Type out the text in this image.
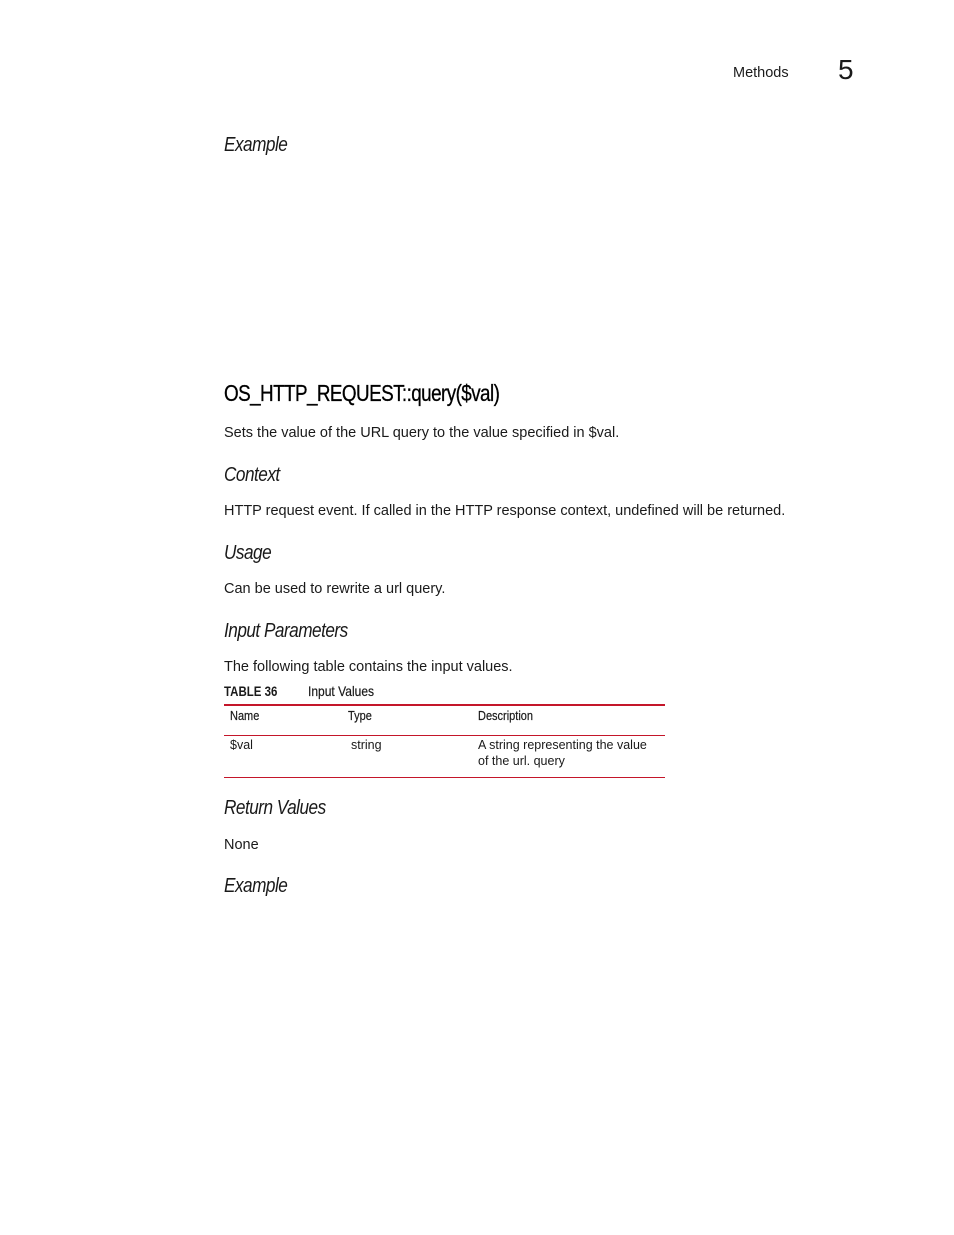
Methods 5
Example
OS_HTTP_REQUEST::query($val)
Sets the value of the URL query to the value specified in $val.
Context
HTTP request event. If called in the HTTP response context, undefined will be returned.
Usage
Can be used to rewrite a url query.
Input Parameters
The following table contains the input values.
TABLE 36 Input Values
Name	Type	Description
$val	string	A string representing the value
of the url. query
Return Values
None
Example
